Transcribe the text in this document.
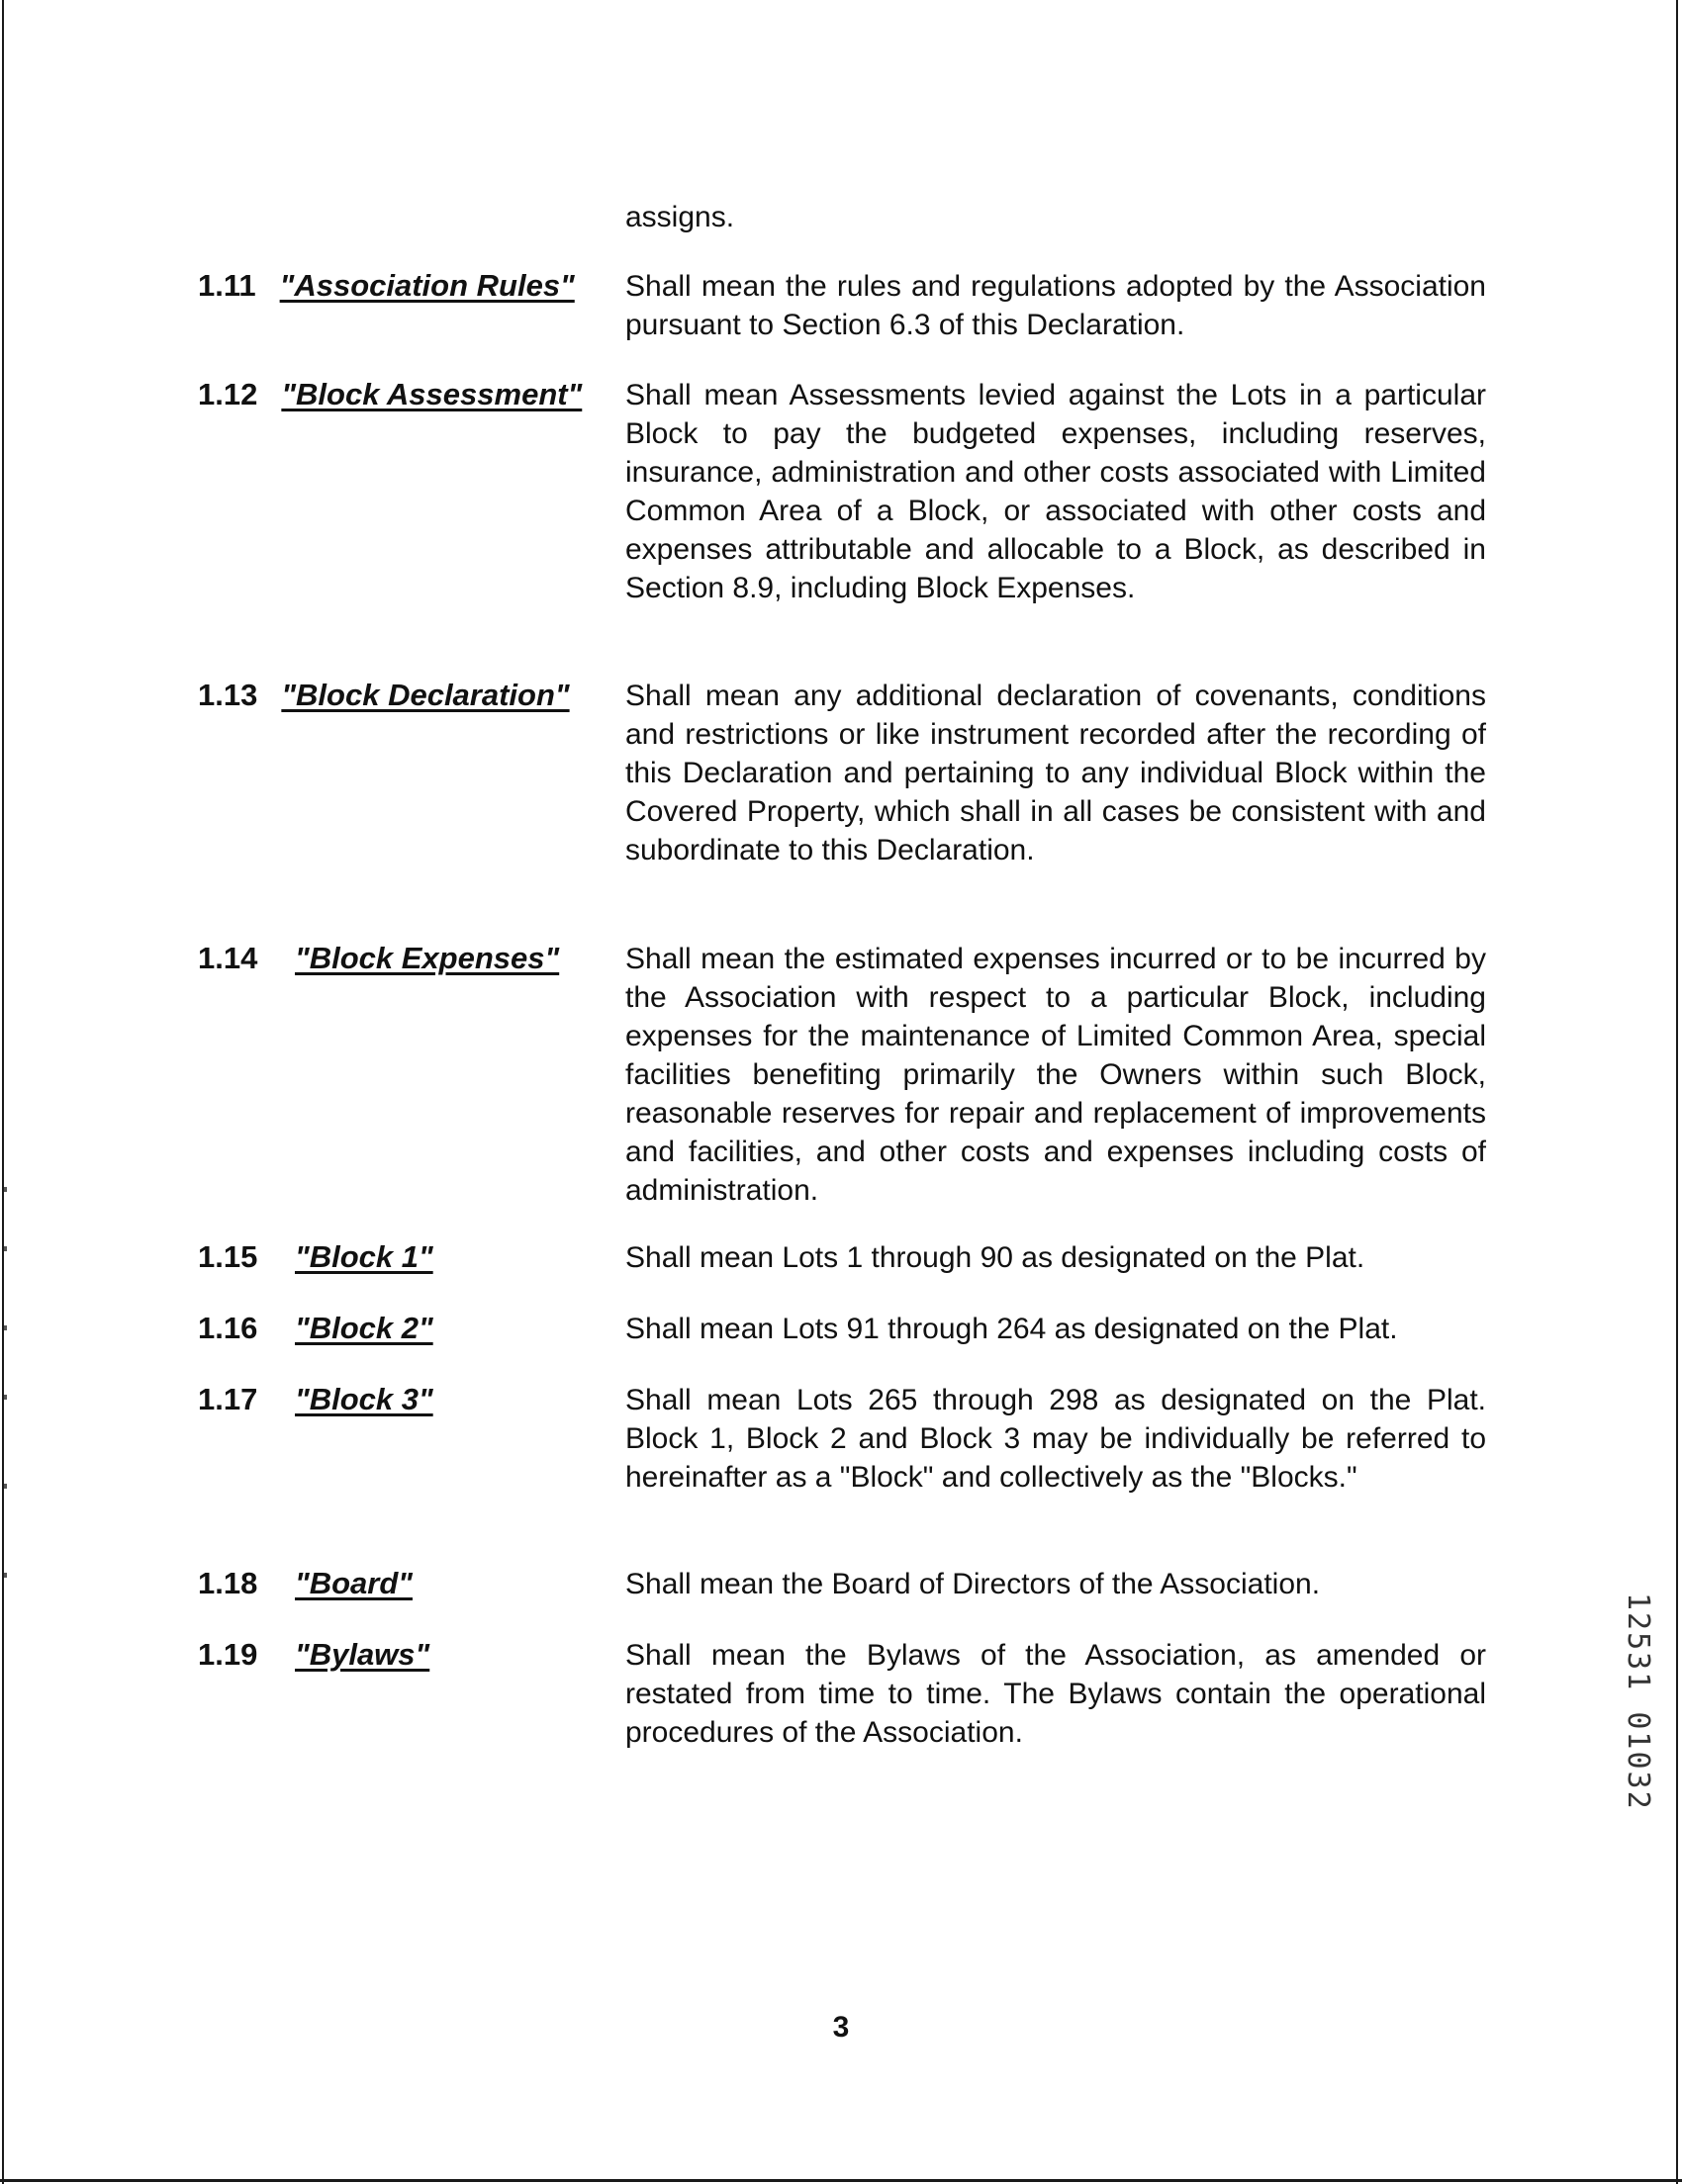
assigns.
1.11 "Association Rules"	Shall mean the rules and regulations adopted by the Association pursuant to Section 6.3 of this Declaration.
1.12 "Block Assessment"	Shall mean Assessments levied against the Lots in a particular Block to pay the budgeted expenses, including reserves, insurance, administration and other costs associated with Limited Common Area of a Block, or associated with other costs and expenses attributable and allocable to a Block, as described in Section 8.9, including Block Expenses.
1.13 "Block Declaration"	Shall mean any additional declaration of covenants, conditions and restrictions or like instrument recorded after the recording of this Declaration and pertaining to any individual Block within the Covered Property, which shall in all cases be consistent with and subordinate to this Declaration.
1.14 "Block Expenses"	Shall mean the estimated expenses incurred or to be incurred by the Association with respect to a particular Block, including expenses for the maintenance of Limited Common Area, special facilities benefiting primarily the Owners within such Block, reasonable reserves for repair and replacement of improvements and facilities, and other costs and expenses including costs of administration.
1.15 "Block 1"	Shall mean Lots 1 through 90 as designated on the Plat.
1.16 "Block 2"	Shall mean Lots 91 through 264 as designated on the Plat.
1.17 "Block 3"	Shall mean Lots 265 through 298 as designated on the Plat. Block 1, Block 2 and Block 3 may be individually be referred to hereinafter as a "Block" and collectively as the "Blocks."
1.18 "Board"	Shall mean the Board of Directors of the Association.
1.19 "Bylaws"	Shall mean the Bylaws of the Association, as amended or restated from time to time. The Bylaws contain the operational procedures of the Association.
3
12531 01032
